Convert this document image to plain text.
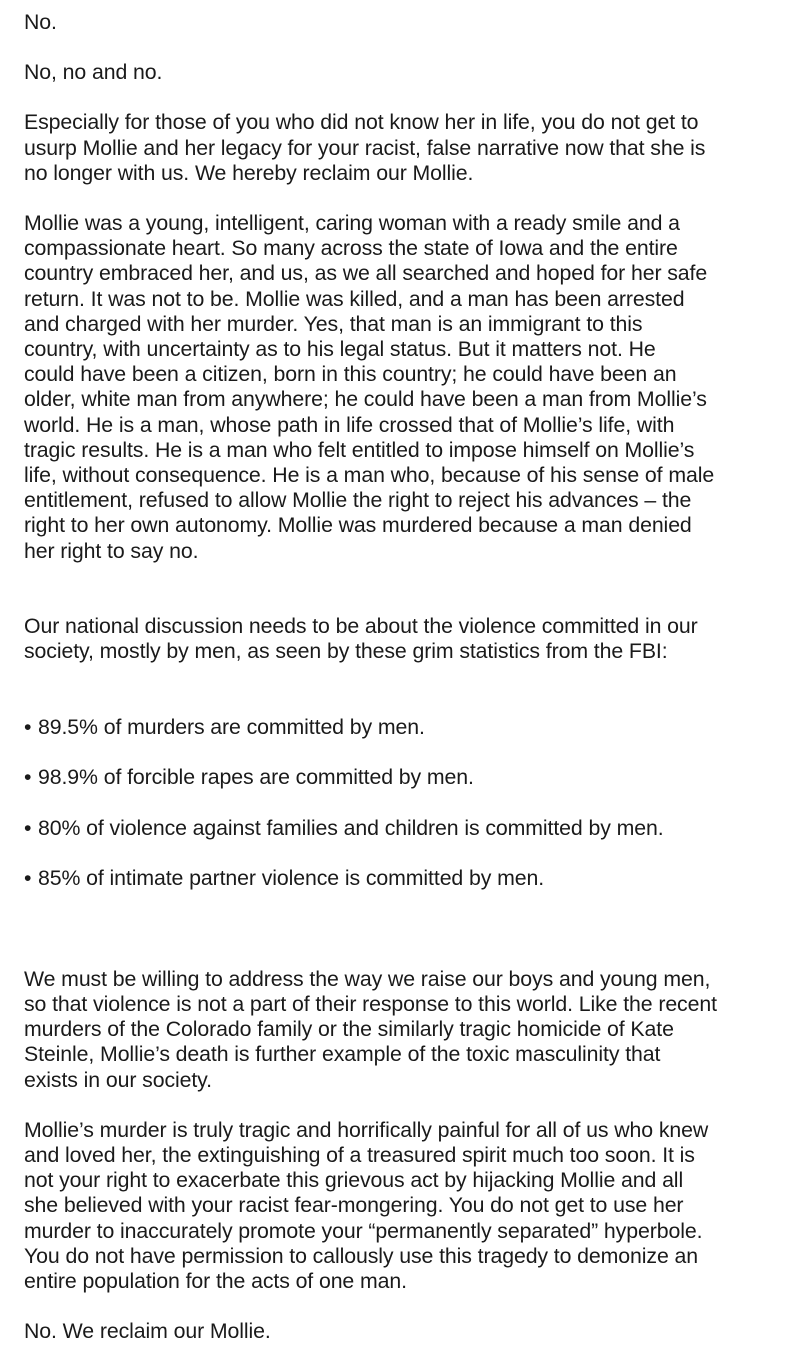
No.

No, no and no.

Especially for those of you who did not know her in life, you do not get to
usurp Mollie and her legacy for your racist, false narrative now that she is
no longer with us. We hereby reclaim our Mollie.

Mollie was a young, intelligent, caring woman with a ready smile and a
compassionate heart. So many across the state of Iowa and the entire
country embraced her, and us, as we all searched and hoped for her safe
return. It was not to be. Mollie was killed, and a man has been arrested
and charged with her murder. Yes, that man is an immigrant to this
country, with uncertainty as to his legal status. But it matters not. He
could have been a citizen, born in this country; he could have been an
older, white man from anywhere; he could have been a man from Mollie’s
world. He is a man, whose path in life crossed that of Mollie’s life, with
tragic results. He is a man who felt entitled to impose himself on Mollie’s
life, without consequence. He is a man who, because of his sense of male
entitlement, refused to allow Mollie the right to reject his advances – the
right to her own autonomy. Mollie was murdered because a man denied
her right to say no.

Our national discussion needs to be about the violence committed in our
society, mostly by men, as seen by these grim statistics from the FBI:

• 89.5% of murders are committed by men.

• 98.9% of forcible rapes are committed by men.

• 80% of violence against families and children is committed by men.

• 85% of intimate partner violence is committed by men.

We must be willing to address the way we raise our boys and young men,
so that violence is not a part of their response to this world. Like the recent
murders of the Colorado family or the similarly tragic homicide of Kate
Steinle, Mollie’s death is further example of the toxic masculinity that
exists in our society.

Mollie’s murder is truly tragic and horrifically painful for all of us who knew
and loved her, the extinguishing of a treasured spirit much too soon. It is
not your right to exacerbate this grievous act by hijacking Mollie and all
she believed with your racist fear-mongering. You do not get to use her
murder to inaccurately promote your “permanently separated” hyperbole.
You do not have permission to callously use this tragedy to demonize an
entire population for the acts of one man.

No. We reclaim our Mollie.
